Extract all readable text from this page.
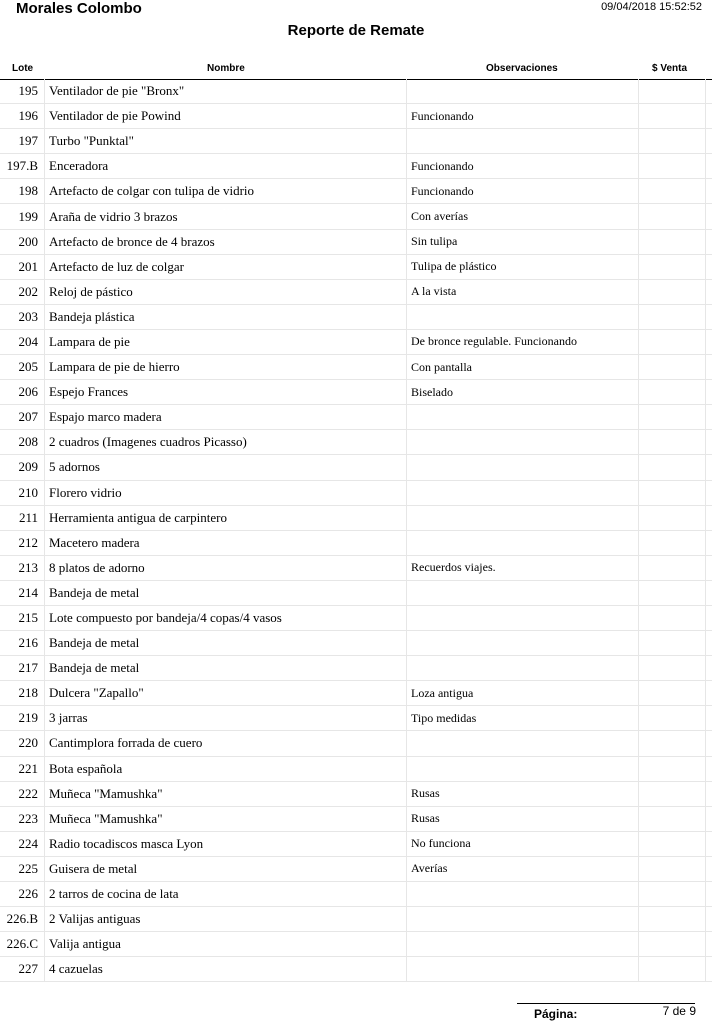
Morales Colombo	09/04/2018 15:52:52
Reporte de Remate
Lote	Nombre	Observaciones	$ Venta
195 Ventilador de pie "Bronx"
196 Ventilador de pie Powind	Funcionando
197 Turbo "Punktal"
197.B Enceradora	Funcionando
198 Artefacto de colgar con tulipa de vidrio	Funcionando
199 Araña de vidrio 3 brazos	Con averías
200 Artefacto de bronce de 4 brazos	Sin tulipa
201 Artefacto de luz de colgar	Tulipa de plástico
202 Reloj de pástico	A la vista
203 Bandeja plástica
204 Lampara de pie	De bronce regulable. Funcionando
205 Lampara de pie de hierro	Con pantalla
206 Espejo Frances	Biselado
207 Espajo marco madera
208 2 cuadros (Imagenes cuadros Picasso)
209 5 adornos
210 Florero vidrio
211 Herramienta antigua de carpintero
212 Macetero madera
213 8 platos de adorno	Recuerdos viajes.
214 Bandeja de metal
215 Lote compuesto por bandeja/4 copas/4 vasos
216 Bandeja de metal
217 Bandeja de metal
218 Dulcera "Zapallo"	Loza antigua
219 3 jarras	Tipo medidas
220 Cantimplora forrada de cuero
221 Bota española
222 Muñeca "Mamushka"	Rusas
223 Muñeca "Mamushka"	Rusas
224 Radio tocadiscos masca Lyon	No funciona
225 Guisera de metal	Averías
226 2 tarros de cocina de lata
226.B 2 Valijas antiguas
226.C Valija antigua
227 4 cazuelas
Página:	7 de 9
